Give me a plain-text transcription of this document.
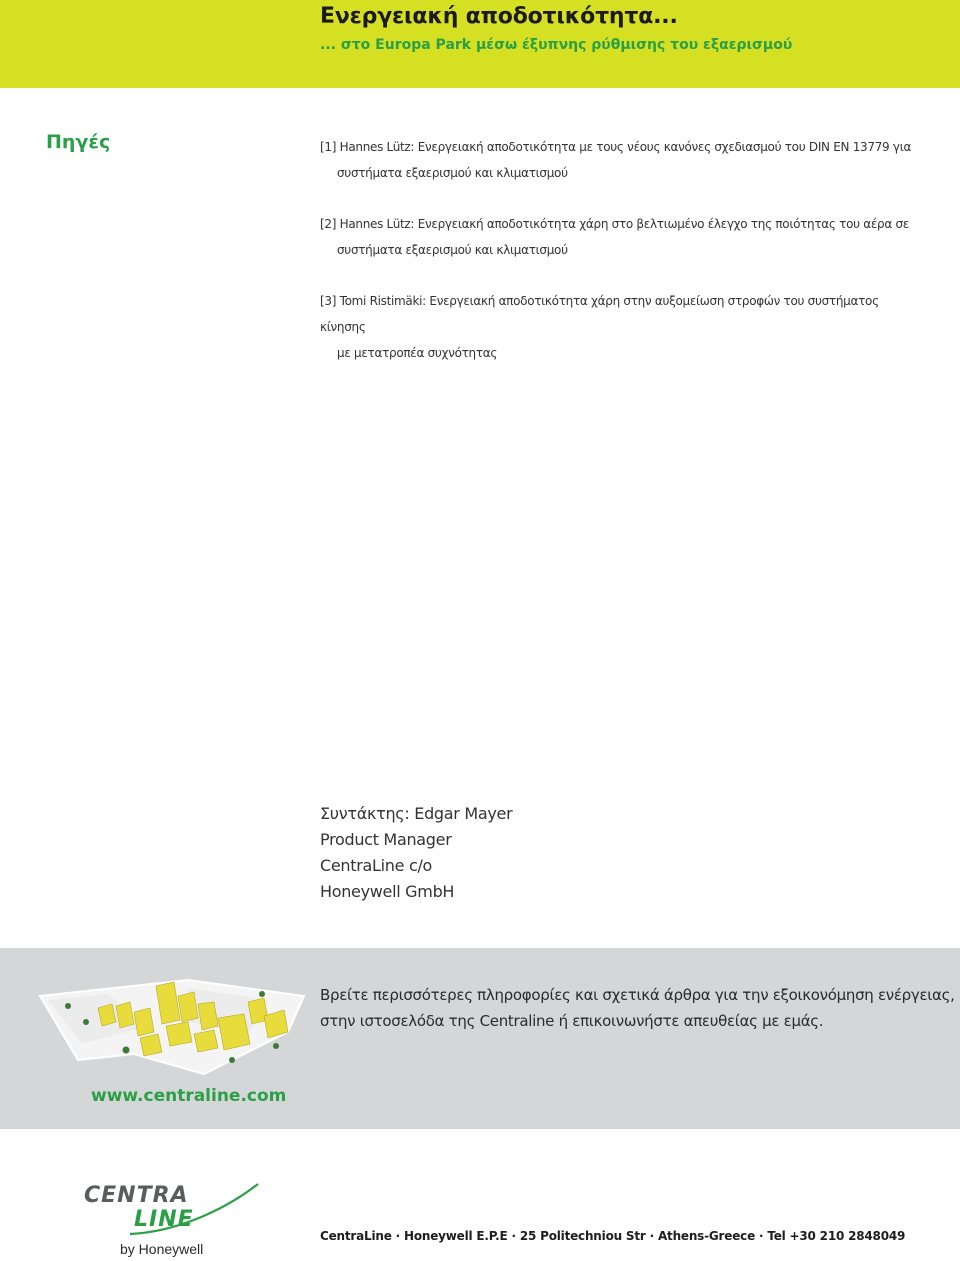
Ενεργειακή αποδοτικότητα...
... στο Europa Park μέσω έξυπνης ρύθμισης του εξαερισμού
Πηγές	[1] Hannes Lütz: Ενεργειακή αποδοτικότητα με τους νέους κανόνες σχεδιασμού του DIN EN 13779 για
συστήματα εξαερισμού και κλιματισμού
[2] Hannes Lütz: Ενεργειακή αποδοτικότητα χάρη στο βελτιωμένο έλεγχο της ποιότητας του αέρα σε
συστήματα εξαερισμού και κλιματισμού
[3] Tomi Ristimäki: Ενεργειακή αποδοτικότητα χάρη στην αυξομείωση στροφών του συστήματος κίνησης
με μετατροπέα συχνότητας
Συντάκτης: Edgar Mayer
Product Manager
CentraLine c/o
Honeywell GmbH
Βρείτε περισσότερες πληροφορίες και σχετικά άρθρα για την εξοικονόμηση ενέργειας,
στην ιστοσελόδα της Centraline ή επικοινωνήστε απευθείας με εμάς.
www.centraline.com
CENTRA
LINE
by Honeywell
CentraLine · Honeywell E.P.E · 25 Politechniou Str · Athens-Greece · Tel +30 210 2848049
